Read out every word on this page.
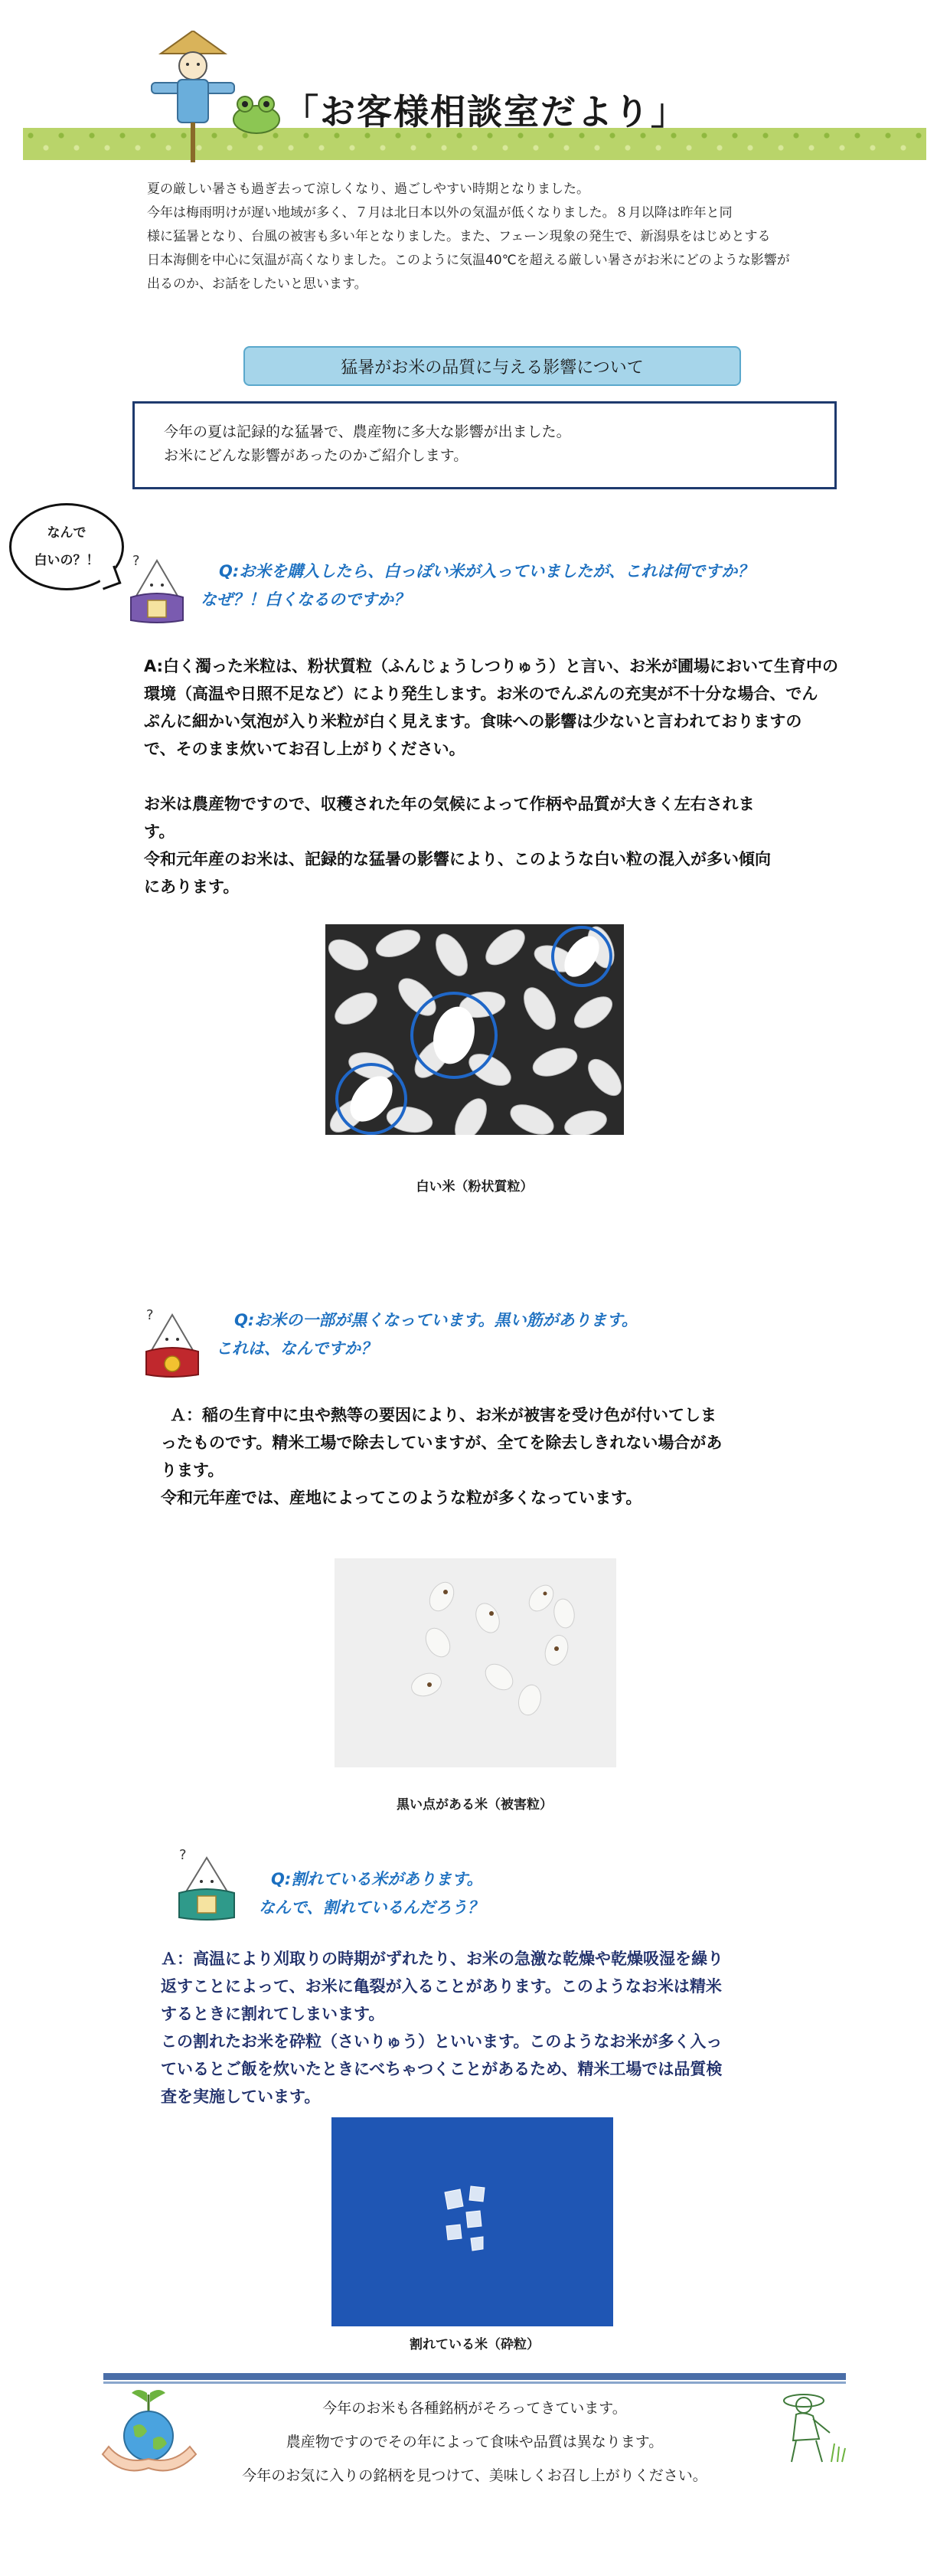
「お客様相談室だより」

夏の厳しい暑さも過ぎ去って涼しくなり、過ごしやすい時期となりました。

今年は梅雨明けが遅い地域が多く、７月は北日本以外の気温が低くなりました。８月以降は昨年と同

様に猛暑となり、台風の被害も多い年となりました。また、フェーン現象の発生で、新潟県をはじめとする

日本海側を中心に気温が高くなりました。このように気温40℃を超える厳しい暑さがお米にどのような影響が

出るのか、お話をしたいと思います。

猛暑がお米の品質に与える影響について

今年の夏は記録的な猛暑で、農産物に多大な影響が出ました。

お米にどんな影響があったのかご紹介します。

なんで
白いの？！ ?

Q:お米を購入したら、白っぽい米が入っていましたが、これは何ですか？

なぜ？！白くなるのですか？

A:白く濁った米粒は、粉状質粒（ふんじょうしつりゅう）と言い、お米が圃場において生育中の

環境（高温や日照不足など）により発生します。お米のでんぷんの充実が不十分な場合、でん

ぷんに細かい気泡が入り米粒が白く見えます。食味への影響は少ないと言われておりますの

で、そのまま炊いてお召し上がりください。

お米は農産物ですので、収穫された年の気候によって作柄や品質が大きく左右されま

す。

令和元年産のお米は、記録的な猛暑の影響により、このような白い粒の混入が多い傾向

にあります。

白い米（粉状質粒）
?	Q:お米の一部が黒くなっています。黒い筋があります。

これは、なんですか？

Ａ：稲の生育中に虫や熱等の要因により、お米が被害を受け色が付いてしま

ったものです。精米工場で除去していますが、全てを除去しきれない場合があ

ります。

令和元年産では、産地によってこのような粒が多くなっています。

黒い点がある米（被害粒）
?

Q:割れている米があります。

なんで、割れているんだろう？

Ａ：高温により刈取りの時期がずれたり、お米の急激な乾燥や乾燥吸湿を繰り

返すことによって、お米に亀裂が入ることがあります。このようなお米は精米

するときに割れてしまいます。

この割れたお米を砕粒（さいりゅう）といいます。このようなお米が多く入っ

ているとご飯を炊いたときにべちゃつくことがあるため、精米工場では品質検

査を実施しています。

割れている米（砕粒）

今年のお米も各種銘柄がそろってきています。

農産物ですのでその年によって食味や品質は異なります。

今年のお気に入りの銘柄を見つけて、美味しくお召し上がりください。
